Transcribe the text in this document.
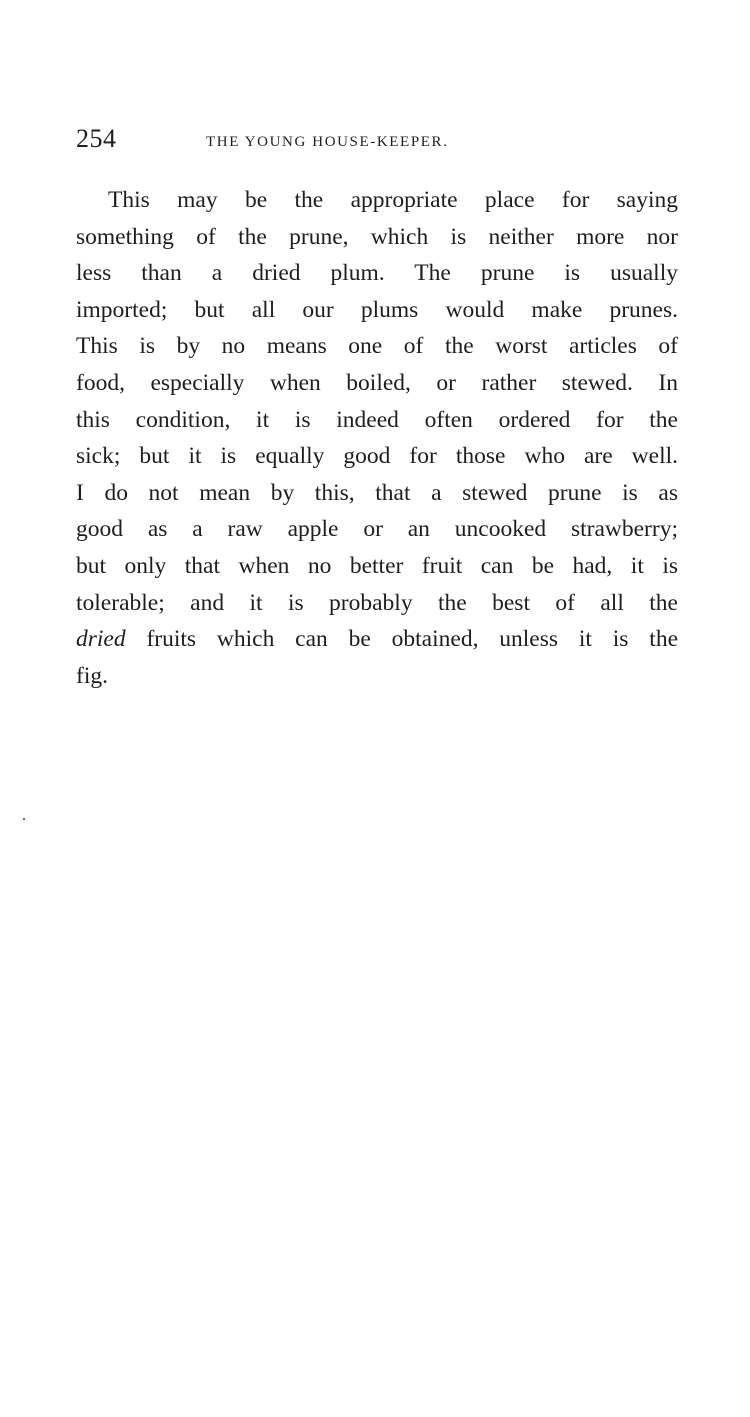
254	THE YOUNG HOUSE-KEEPER.
This may be the appropriate place for saying
something of the prune, which is neither more nor
less than a dried plum. The prune is usually
imported; but all our plums would make prunes.
This is by no means one of the worst articles of
food, especially when boiled, or rather stewed. In
this condition, it is indeed often ordered for the
sick; but it is equally good for those who are well.
I do not mean by this, that a stewed prune is as
good as a raw apple or an uncooked strawberry;
but only that when no better fruit can be had, it is
tolerable; and it is probably the best of all the
dried fruits which can be obtained, unless it is the
fig.
